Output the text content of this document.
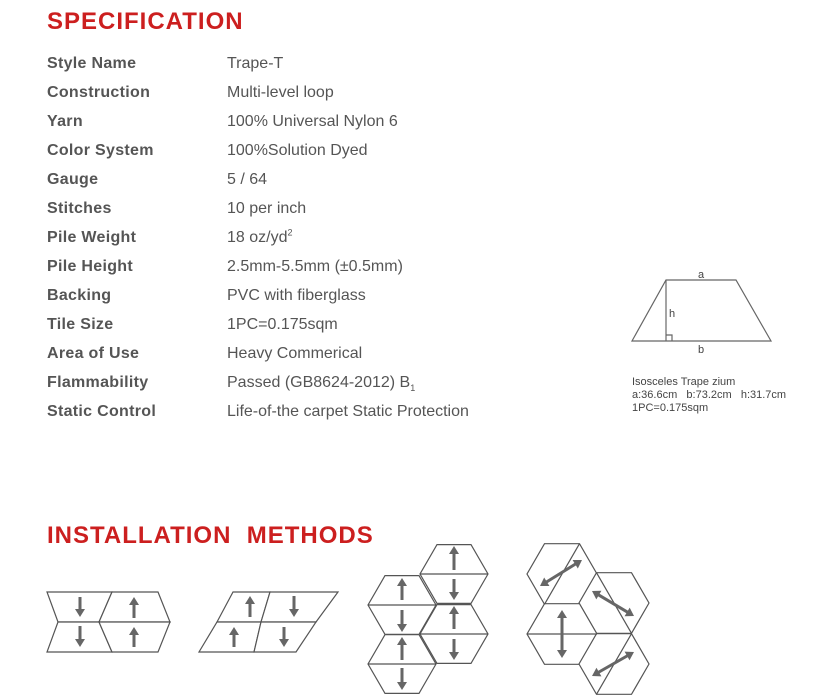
SPECIFICATION
Style Name	Trape-T
Construction	Multi-level loop
Yarn	100% Universal Nylon 6
Color System	100%Solution Dyed
Gauge	5 / 64
Stitches	10 per inch
Pile Weight	18 $oz/yd^2$
Pile Height	2.5mm-5.5mm (±0.5mm)
Backing	PVC with fiberglass
Tile Size	1PC=0.175sqm
Area of Use	Heavy Commerical
Flammability	Passed (GB8624-2012) $B_1$
Static Control	Life-of-the carpet Static Protection
a
b
h
Isosceles Trape zium
a:36.6cm   b:73.2cm   h:31.7cm
1PC=0.175sqm
INSTALLATION  METHODS
